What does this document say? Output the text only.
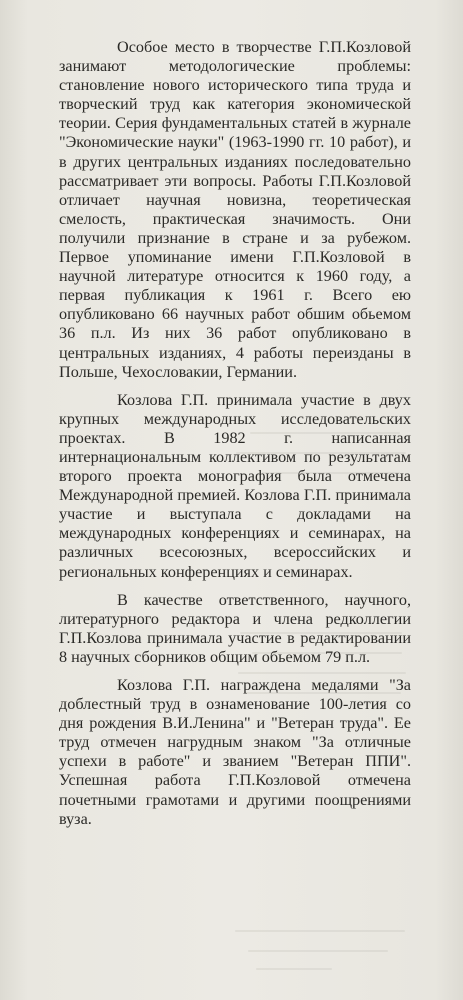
Особое место в творчестве Г.П.Козловой занимают методологические проблемы: становление нового исторического типа труда и творческий труд как категория экономической теории. Серия фундаментальных статей в журнале "Экономические науки" (1963-1990 гг. 10 работ), и в других центральных изданиях последовательно рассматривает эти вопросы. Работы Г.П.Козловой отличает научная новизна, теоретическая смелость, практическая значимость. Они получили признание в стране и за рубежом. Первое упоминание имени Г.П.Козловой в научной литературе относится к 1960 году, а первая публикация к 1961 г. Всего ею опубликовано 66 научных работ обшим обьемом 36 п.л. Из них 36 работ опубликовано в центральных изданиях, 4 работы переизданы в Польше, Чехословакии, Германии.

Козлова Г.П. принимала участие в двух крупных международных исследовательских проектах. В 1982 г. написанная интернациональным коллективом по результатам второго проекта монография была отмечена Международной премией. Козлова Г.П. принимала участие и выступала с докладами на международных конференциях и семинарах, на различных всесоюзных, всероссийских и региональных конференциях и семинарах.

В качестве ответственного, научного, литературного редактора и члена редколлегии Г.П.Козлова принимала участие в редактировании 8 научных сборников общим обьемом 79 п.л.

Козлова Г.П. награждена медалями "За доблестный труд в ознаменование 100-летия со дня рождения В.И.Ленина" и "Ветеран труда". Ее труд отмечен нагрудным знаком "За отличные успехи в работе" и званием "Ветеран ППИ". Успешная работа Г.П.Козловой отмечена почетными грамотами и другими поощрениями вуза.
